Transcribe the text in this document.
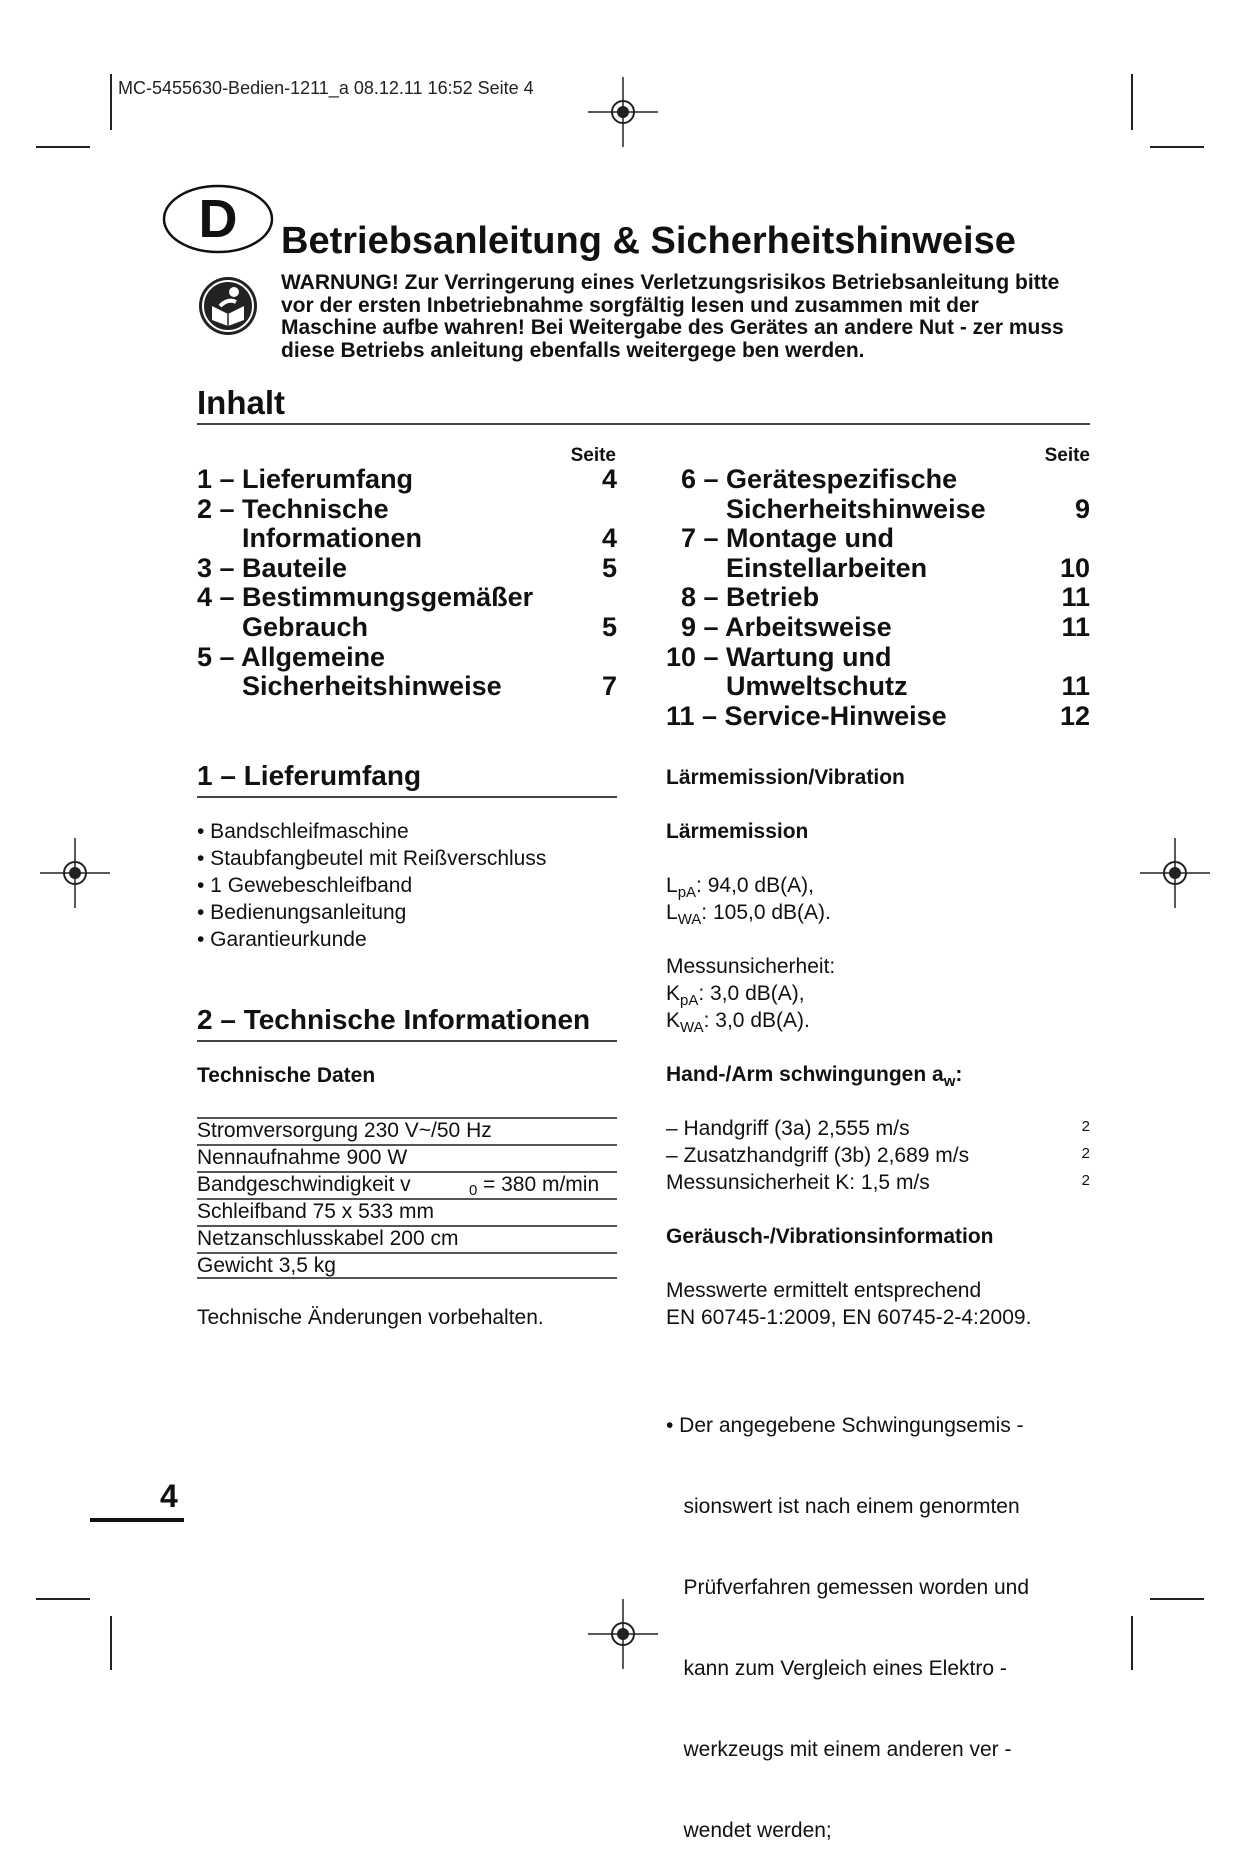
MC-5455630-Bedien-1211_a 08.12.11 16:52 Seite 4
D	Betriebsanleitung & Sicherheitshinweise
WARNUNG! Zur Verringerung eines Verletzungsrisikos Betriebsanleitung bitte vor der ersten Inbetriebnahme sorgfältig lesen und zusammen mit der Maschine aufbe wahren! Bei Weitergabe des Gerätes an andere Nut - zer muss diese Betriebs anleitung ebenfalls weitergege ben werden.
Inhalt
Seite	Seite
1 – Lieferumfang	4
2 – Technische
Informationen	4
3 – Bauteile	5
4 – Bestimmungsgemäßer
Gebrauch	5
5 – Allgemeine
Sicherheitshinweise	7
6 – Gerätespezifische
Sicherheitshinweise	9
7 – Montage und
Einstellarbeiten	10
8 – Betrieb	11
9 – Arbeitsweise	11
10 – Wartung und
Umweltschutz	11
11 – Service-Hinweise	12
1 – Lieferumfang
• Bandschleifmaschine
• Staubfangbeutel mit Reißverschluss
• 1 Gewebeschleifband
• Bedienungsanleitung
• Garantieurkunde
2 – Technische Informationen
Technische Daten
Stromversorgung 230 V~/50 Hz
Nennaufnahme 900 W
Bandgeschwindigkeit v	0 = 380 m/min
Schleifband 75 x 533 mm
Netzanschlusskabel 200 cm
Gewicht 3,5 kg
Technische Änderungen vorbehalten.
Lärmemission/Vibration
Lärmemission
$L_{pA}$: 94,0 dB(A),
$L_{WA}$: 105,0 dB(A).
Messunsicherheit:
$K_{pA}$: 3,0 dB(A),
$K_{WA}$: 3,0 dB(A).
Hand-/Arm schwingungen $a_w$:
– Handgriff (3a) 2,555 m/s	2
– Zusatzhandgriff (3b) 2,689 m/s	2
Messunsicherheit K: 1,5 m/s	2
Geräusch-/Vibrationsinformation
Messwerte ermittelt entsprechend
EN 60745-1:2009, EN 60745-2-4:2009.

• Der angegebene Schwingungsemis -

sionswert ist nach einem genormten

Prüfverfahren gemessen worden und

kann zum Vergleich eines Elektro -

werkzeugs mit einem anderen ver -

wendet werden;

4
